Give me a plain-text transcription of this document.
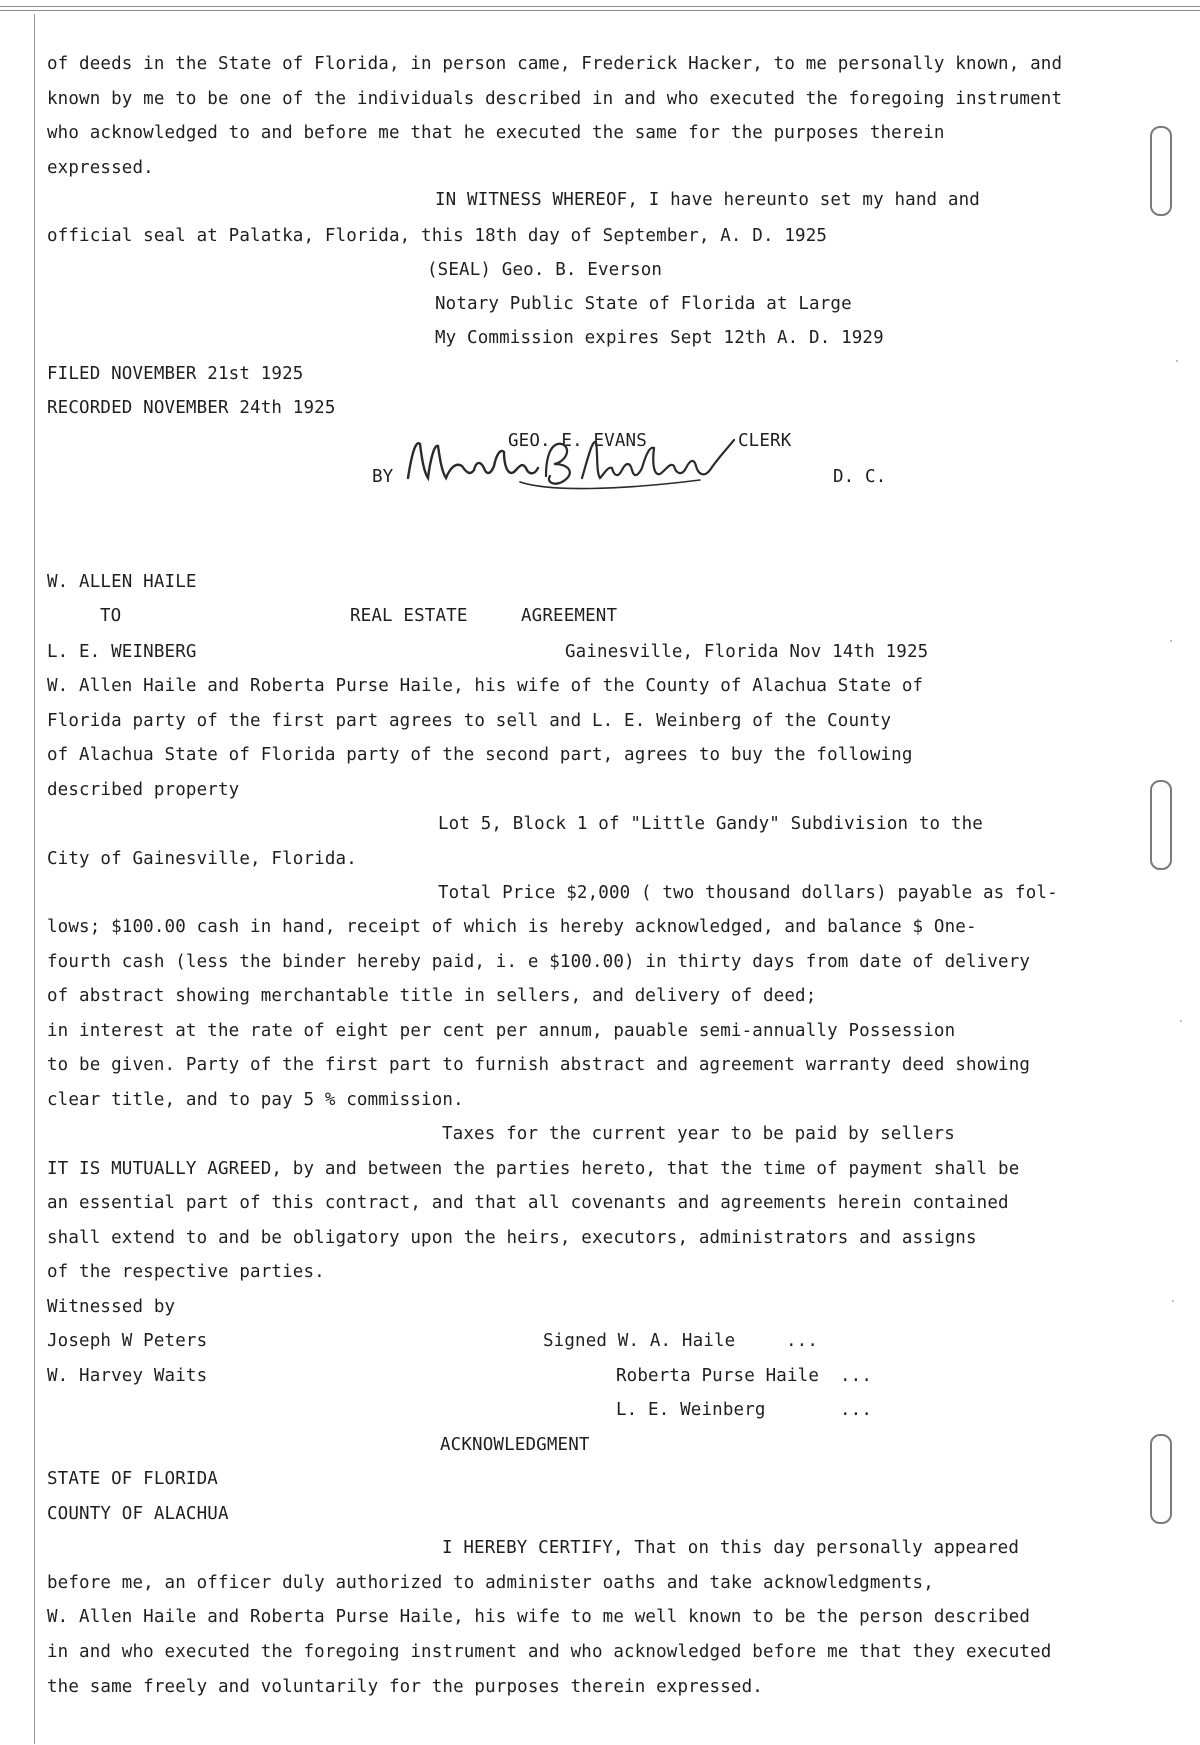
of deeds in the State of Florida, in person came, Frederick Hacker, to me personally known, and
known by me to be one of the individuals described in and who executed the foregoing instrument
who acknowledged to and before me that he executed the same for the purposes therein
expressed.
IN WITNESS WHEREOF, I have hereunto set my hand and
official seal at Palatka, Florida, this 18th day of September, A. D. 1925
(SEAL) Geo. B. Everson
Notary Public State of Florida at Large
My Commission expires Sept 12th A. D. 1929
FILED NOVEMBER 21st 1925
RECORDED NOVEMBER 24th 1925
GEO. E. EVANS	CLERK
BY	D. C.
W. ALLEN HAILE
TO	REAL ESTATE	AGREEMENT
L. E. WEINBERG	Gainesville, Florida Nov 14th 1925
W. Allen Haile and Roberta Purse Haile, his wife of the County of Alachua State of
Florida party of the first part agrees to sell and L. E. Weinberg of the County
of Alachua State of Florida party of the second part, agrees to buy the following
described property
Lot 5, Block 1 of "Little Gandy" Subdivision to the
City of Gainesville, Florida.
Total Price $2,000 ( two thousand dollars) payable as fol-
lows; $100.00 cash in hand, receipt of which is hereby acknowledged, and balance $ One-
fourth cash (less the binder hereby paid, i. e $100.00) in thirty days from date of delivery
of abstract showing merchantable title in sellers, and delivery of deed;
in interest at the rate of eight per cent per annum, pauable semi-annually Possession
to be given. Party of the first part to furnish abstract and agreement warranty deed showing
clear title, and to pay 5 % commission.
Taxes for the current year to be paid by sellers
IT IS MUTUALLY AGREED, by and between the parties hereto, that the time of payment shall be
an essential part of this contract, and that all covenants and agreements herein contained
shall extend to and be obligatory upon the heirs, executors, administrators and assigns
of the respective parties.
Witnessed by
Joseph W Peters	Signed W. A. Haile	...
W. Harvey Waits	Roberta Purse Haile ...
L. E. Weinberg	...
ACKNOWLEDGMENT
STATE OF FLORIDA
COUNTY OF ALACHUA
I HEREBY CERTIFY, That on this day personally appeared
before me, an officer duly authorized to administer oaths and take acknowledgments,
W. Allen Haile and Roberta Purse Haile, his wife to me well known to be the person described
in and who executed the foregoing instrument and who acknowledged before me that they executed
the same freely and voluntarily for the purposes therein expressed.
